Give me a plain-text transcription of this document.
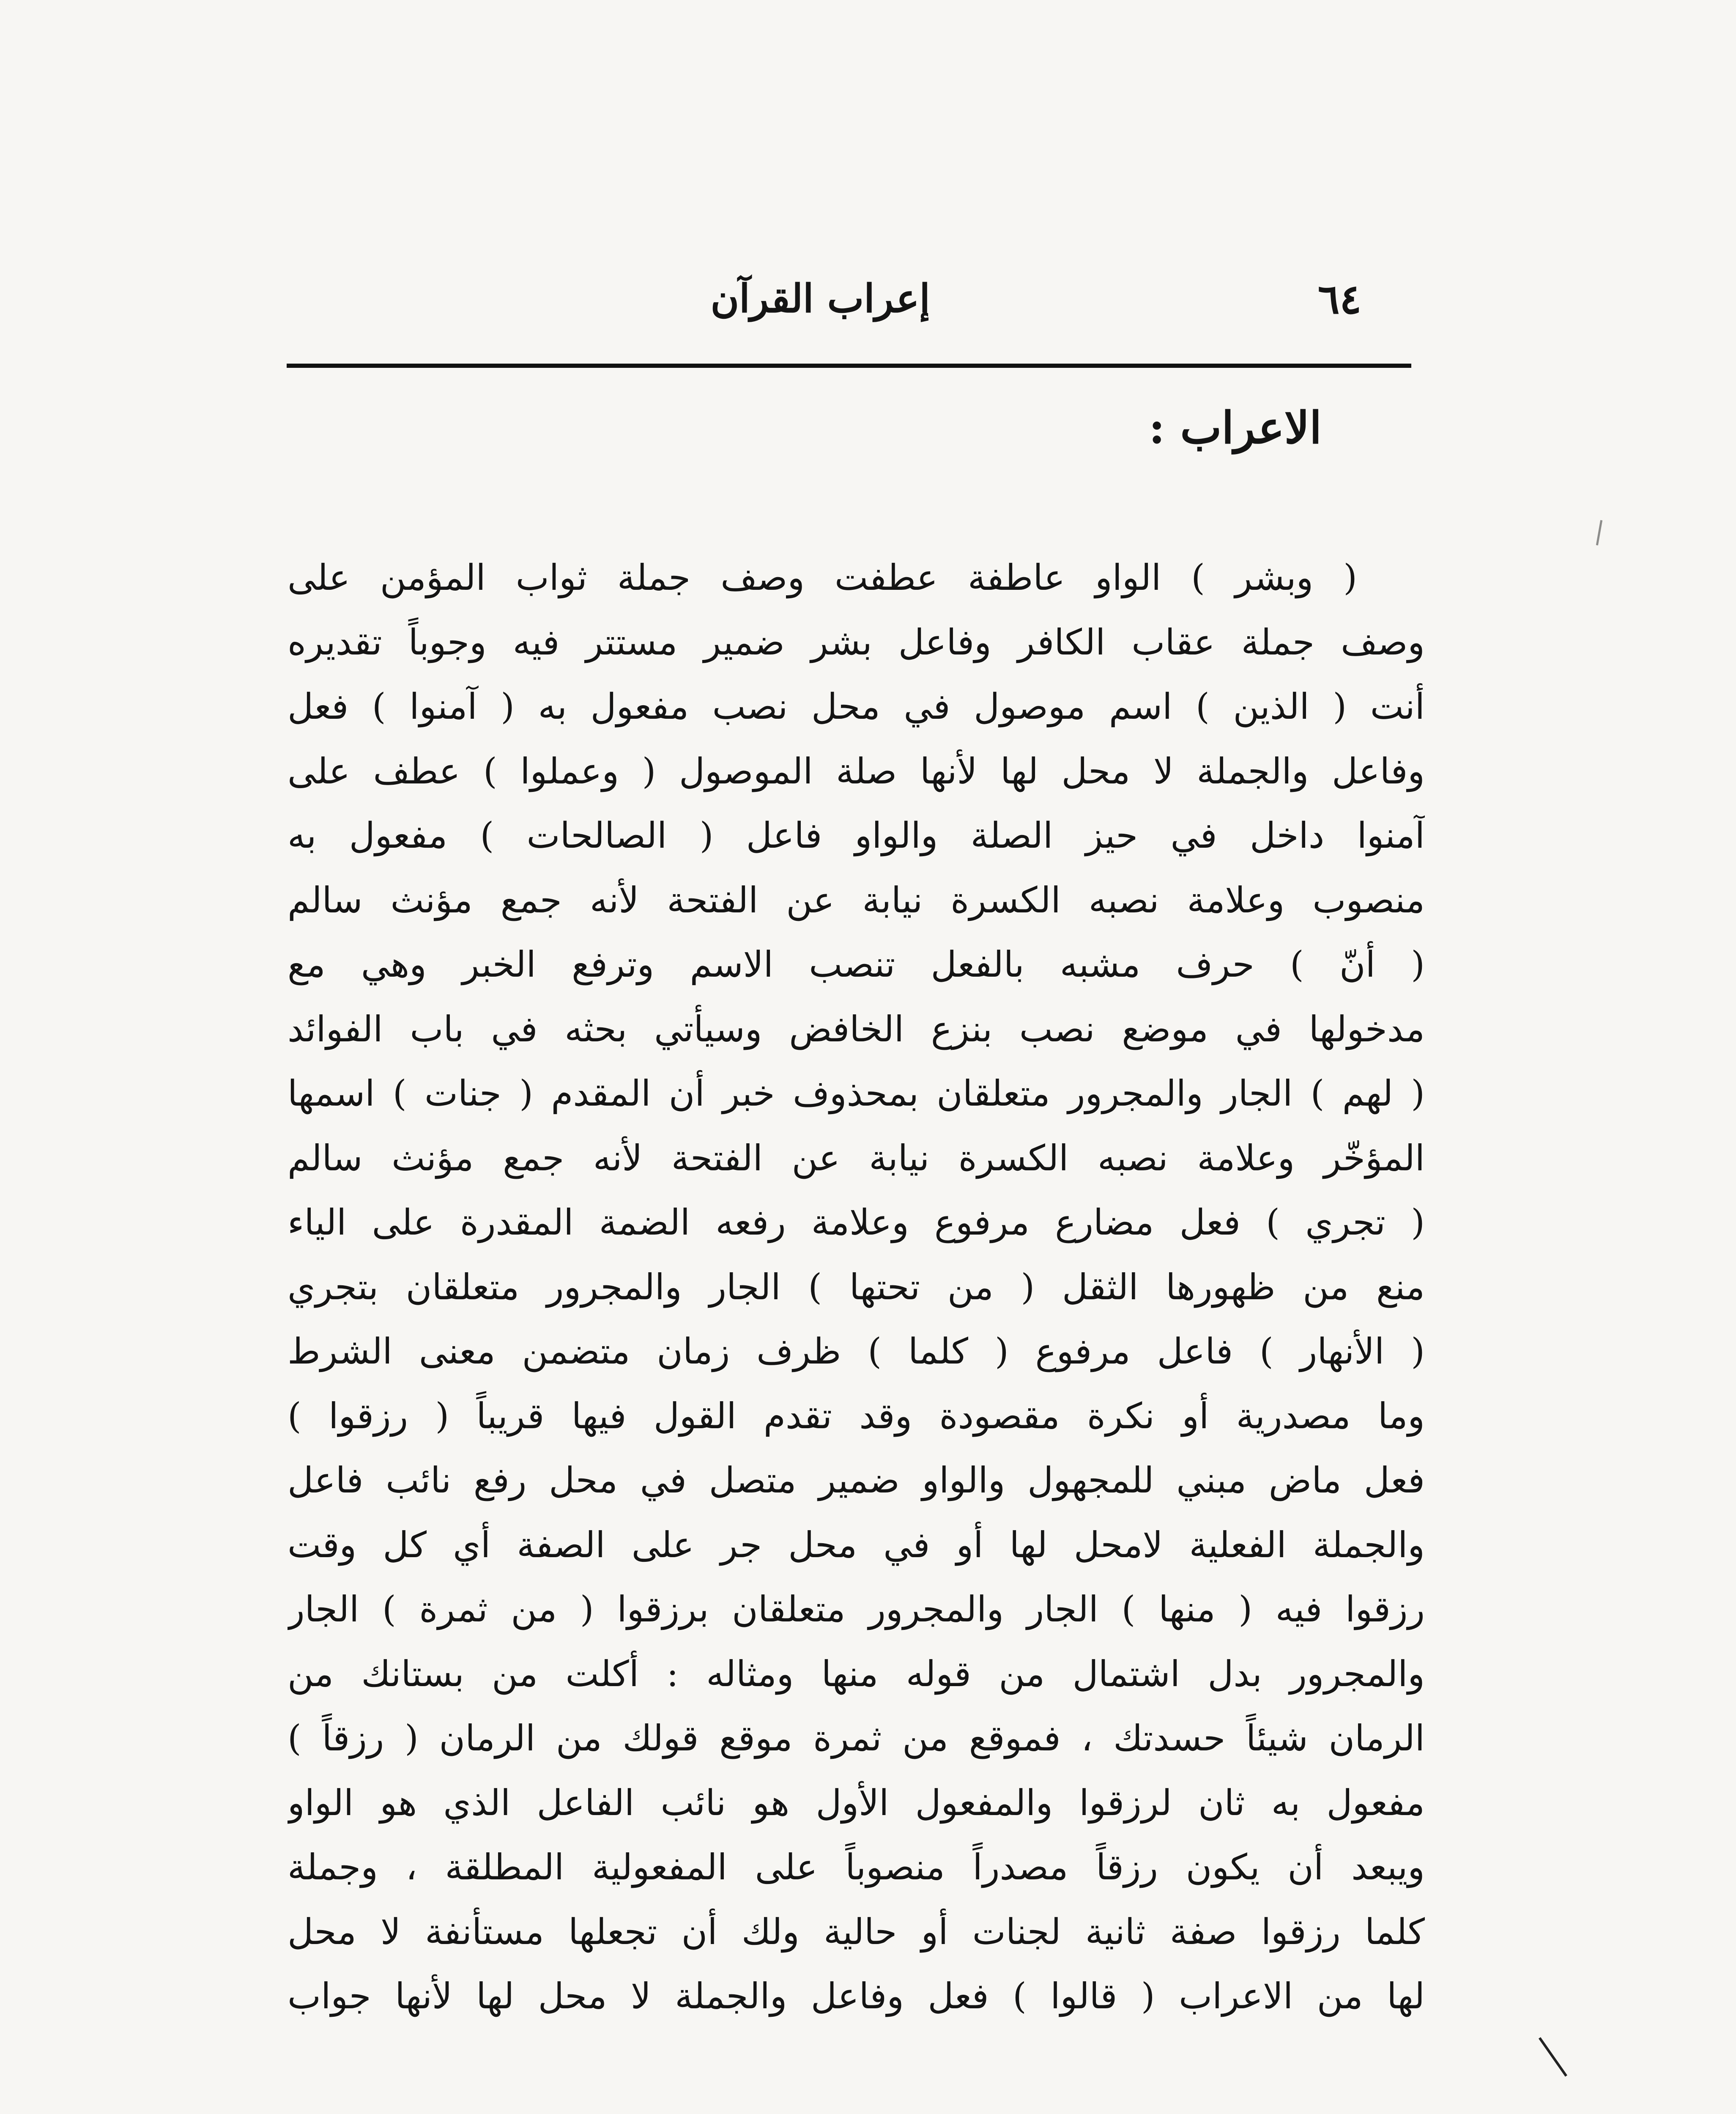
٦٤
إعراب القرآن
الاعراب :
( وبشر ) الواو عاطفة عطفت وصف جملة ثواب المؤمن على
وصف جملة عقاب الكافر وفاعل بشر ضمير مستتر فيه وجوباً تقديره
أنت ( الذين ) اسم موصول في محل نصب مفعول به ( آمنوا ) فعل
وفاعل والجملة لا محل لها لأنها صلة الموصول ( وعملوا ) عطف على
آمنوا داخل في حيز الصلة والواو فاعل ( الصالحات ) مفعول به
منصوب وعلامة نصبه الكسرة نيابة عن الفتحة لأنه جمع مؤنث سالم
( أنّ ) حرف مشبه بالفعل تنصب الاسم وترفع الخبر وهي مع
مدخولها في موضع نصب بنزع الخافض وسيأتي بحثه في باب الفوائد
( لهم ) الجار والمجرور متعلقان بمحذوف خبر أن المقدم ( جنات ) اسمها
المؤخّر وعلامة نصبه الكسرة نيابة عن الفتحة لأنه جمع مؤنث سالم
( تجري ) فعل مضارع مرفوع وعلامة رفعه الضمة المقدرة على الياء
منع من ظهورها الثقل ( من تحتها ) الجار والمجرور متعلقان بتجري
( الأنهار ) فاعل مرفوع ( كلما ) ظرف زمان متضمن معنى الشرط
وما مصدرية أو نكرة مقصودة وقد تقدم القول فيها قريباً ( رزقوا )
فعل ماض مبني للمجهول والواو ضمير متصل في محل رفع نائب فاعل
والجملة الفعلية لامحل لها أو في محل جر على الصفة أي كل وقت
رزقوا فيه ( منها ) الجار والمجرور متعلقان برزقوا ( من ثمرة ) الجار
والمجرور بدل اشتمال من قوله منها ومثاله : أكلت من بستانك من
الرمان شيئاً حسدتك ، فموقع من ثمرة موقع قولك من الرمان ( رزقاً )
مفعول به ثان لرزقوا والمفعول الأول هو نائب الفاعل الذي هو الواو
ويبعد أن يكون رزقاً مصدراً منصوباً على المفعولية المطلقة ، وجملة
كلما رزقوا صفة ثانية لجنات أو حالية ولك أن تجعلها مستأنفة لا محل
لها من الاعراب ( قالوا ) فعل وفاعل والجملة لا محل لها لأنها جواب
